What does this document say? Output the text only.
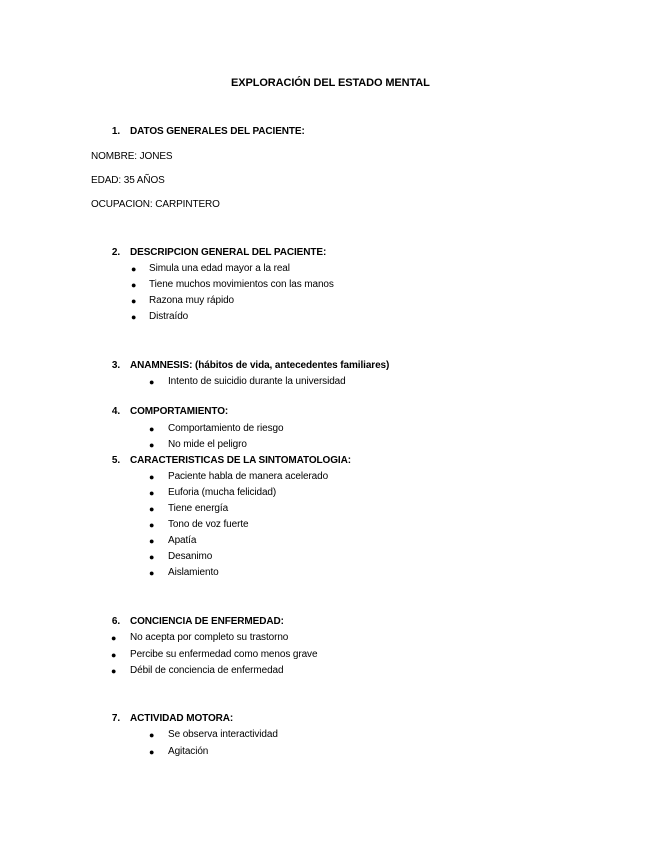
EXPLORACIÓN DEL ESTADO MENTAL
1. DATOS GENERALES DEL PACIENTE:
NOMBRE: JONES
EDAD: 35 AÑOS
OCUPACION: CARPINTERO
2. DESCRIPCION GENERAL DEL PACIENTE:
● Simula una edad mayor a la real
● Tiene muchos movimientos con las manos
● Razona muy rápido
● Distraído
3. ANAMNESIS: (hábitos de vida, antecedentes familiares)
● Intento de suicidio durante la universidad
4. COMPORTAMIENTO:
● Comportamiento de riesgo
● No mide el peligro
5. CARACTERISTICAS DE LA SINTOMATOLOGIA:
● Paciente habla de manera acelerado
● Euforia (mucha felicidad)
● Tiene energía
● Tono de voz fuerte
● Apatía
● Desanimo
● Aislamiento
6. CONCIENCIA DE ENFERMEDAD:
● No acepta por completo su trastorno
● Percibe su enfermedad como menos grave
● Débil de conciencia de enfermedad
7. ACTIVIDAD MOTORA:
● Se observa interactividad
● Agitación
